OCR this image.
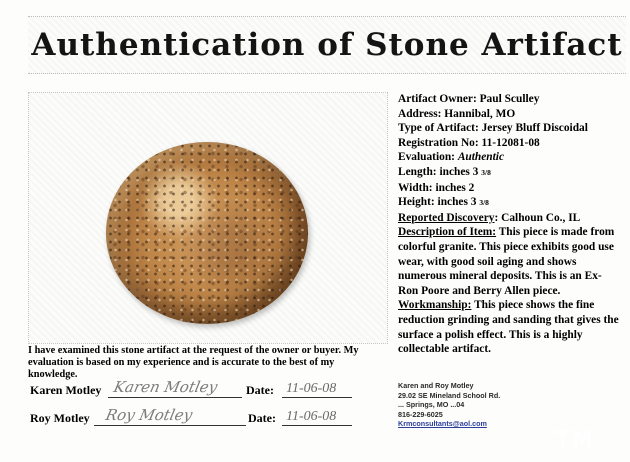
Authentication of Stone Artifact
Artifact Owner: Paul Sculley
Address: Hannibal, MO
Type of Artifact: Jersey Bluff Discoidal
Registration No: 11-12081-08
Evaluation: Authentic
Length: inches 3 3/8
Width: inches 2
Height: inches 3 3/8
Reported Discovery: Calhoun Co., IL
Description of Item: This piece is made from
colorful granite. This piece exhibits good use
wear, with good soil aging and shows
numerous mineral deposits. This is an Ex-
Ron Poore and Berry Allen piece.
Workmanship: This piece shows the fine
reduction grinding and sanding that gives the
surface a polish effect. This is a highly
collectable artifact.
I have examined this stone artifact at the request of the owner or buyer. My
evaluation is based on my experience and is accurate to the best of my
knowledge.
Karen Motley Karen Motley Date: 11-06-08
Roy Motley Roy Motley	Date: 11-06-08
Karen and Roy Motley
29.02 SE Mineland School Rd.
... Springs, MO ...04
816-229-6025
Krmconsultants@aol.com
TM
